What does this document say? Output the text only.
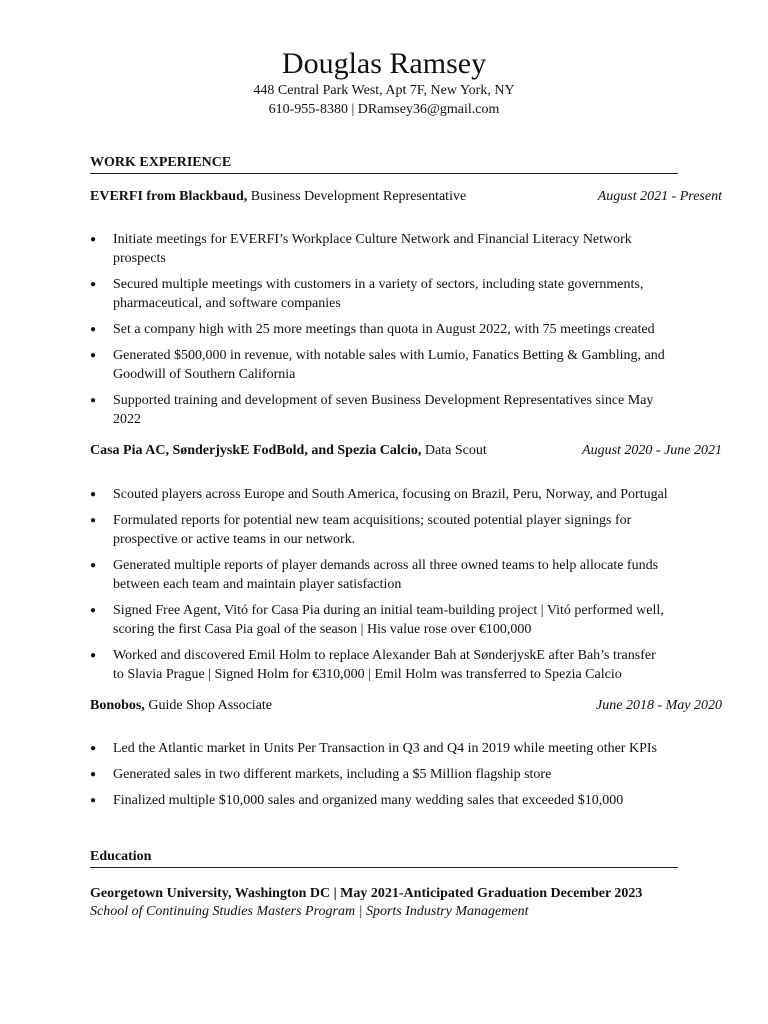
Douglas Ramsey
448 Central Park West, Apt 7F, New York, NY
610-955-8380 | DRamsey36@gmail.com
WORK EXPERIENCE
EVERFI from Blackbaud, Business Development Representative	August 2021 - Present
● Initiate meetings for EVERFI’s Workplace Culture Network and Financial Literacy Network prospects
● Secured multiple meetings with customers in a variety of sectors, including state governments, pharmaceutical, and software companies
● Set a company high with 25 more meetings than quota in August 2022, with 75 meetings created
● Generated $500,000 in revenue, with notable sales with Lumio, Fanatics Betting & Gambling, and Goodwill of Southern California
● Supported training and development of seven Business Development Representatives since May 2022
Casa Pia AC, SønderjyskE FodBold, and Spezia Calcio, Data Scout	August 2020 - June 2021
● Scouted players across Europe and South America, focusing on Brazil, Peru, Norway, and Portugal
● Formulated reports for potential new team acquisitions; scouted potential player signings for prospective or active teams in our network.
● Generated multiple reports of player demands across all three owned teams to help allocate funds between each team and maintain player satisfaction
● Signed Free Agent, Vitó for Casa Pia during an initial team-building project | Vitó performed well, scoring the first Casa Pia goal of the season | His value rose over €100,000
● Worked and discovered Emil Holm to replace Alexander Bah at SønderjyskE after Bah’s transfer to Slavia Prague | Signed Holm for €310,000 | Emil Holm was transferred to Spezia Calcio
Bonobos, Guide Shop Associate	June 2018 - May 2020
● Led the Atlantic market in Units Per Transaction in Q3 and Q4 in 2019 while meeting other KPIs
● Generated sales in two different markets, including a $5 Million flagship store
● Finalized multiple $10,000 sales and organized many wedding sales that exceeded $10,000
Education
Georgetown University, Washington DC | May 2021-Anticipated Graduation December 2023
School of Continuing Studies Masters Program | Sports Industry Management
